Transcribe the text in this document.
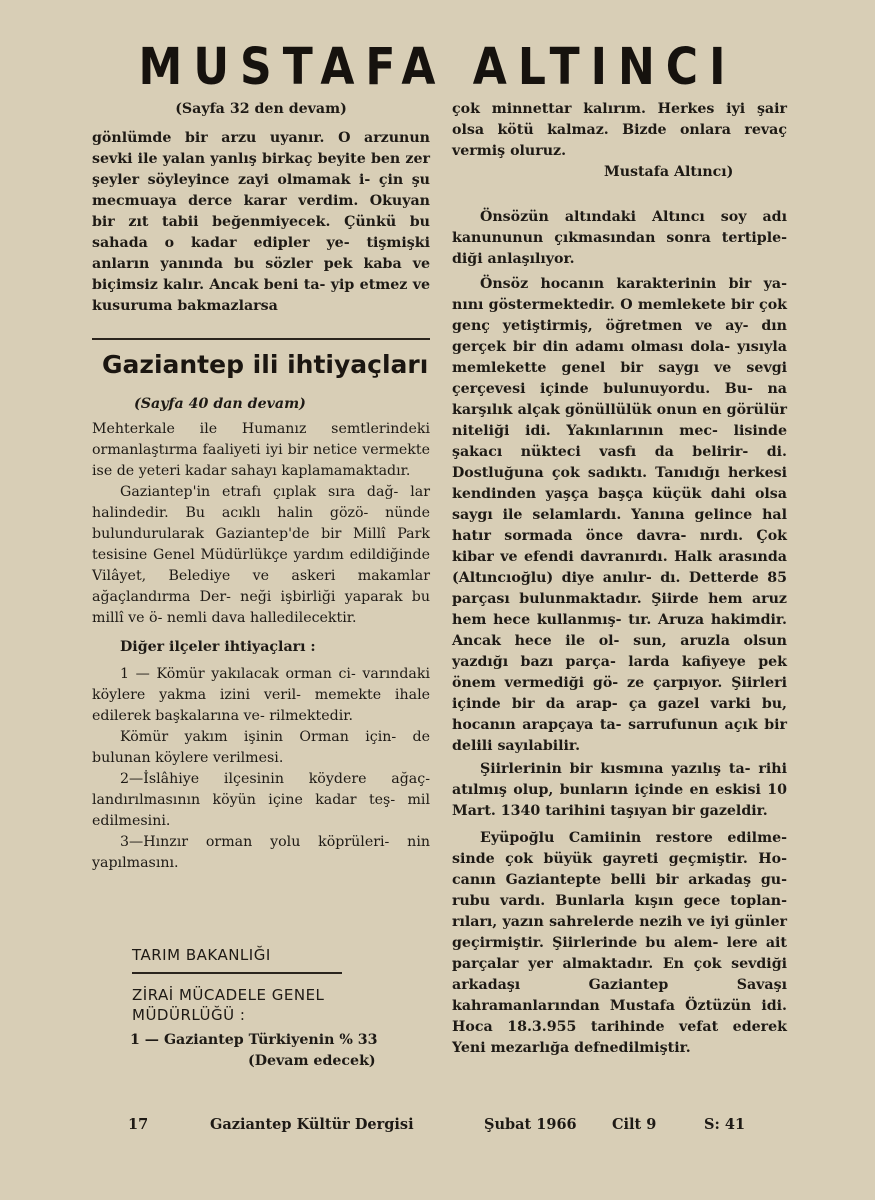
MUSTAFA ALTINCI

(Sayfa 32 den devam)

gönlümde bir arzu uyanır. O arzunun sevki ile yalan yanlış birkaç beyite ben zer şeyler söyleyince zayi olmamak i- çin şu mecmuaya derce karar verdim. Okuyan bir zıt tabii beğenmiyecek. Çünkü bu sahada o kadar edipler ye- tişmişki anların yanında bu sözler pek kaba ve biçimsiz kalır. Ancak beni ta- yip etmez ve kusuruma bakmazlarsa

Gaziantep ili ihtiyaçları

(Sayfa 40 dan devam)

Mehterkale ile Humanız semtlerindeki ormanlaştırma faaliyeti iyi bir netice vermekte ise de yeteri kadar sahayı kaplamamaktadır.

Gaziantep'in etrafı çıplak sıra dağ- lar halindedir. Bu acıklı halin gözö- nünde bulundurularak Gaziantep'de bir Millî Park tesisine Genel Müdürlükçe yardım edildiğinde Vilâyet, Belediye ve askeri makamlar ağaçlandırma Der- neği işbirliği yaparak bu millî ve ö- nemli dava halledilecektir.

Diğer ilçeler ihtiyaçları :

1 — Kömür yakılacak orman ci- varındaki köylere yakma izini veril- memekte ihale edilerek başkalarına ve- rilmektedir.

Kömür yakım işinin Orman için- de bulunan köylere verilmesi.

2—İslâhiye ilçesinin köydere ağaç- landırılmasının köyün içine kadar teş- mil edilmesini.

3—Hınzır orman yolu köprüleri- nin yapılmasını.

TARIM BAKANLIĞI
ZİRAİ MÜCADELE GENEL MÜDÜRLÜĞÜ :

1 — Gaziantep Türkiyenin % 33

(Devam edecek)

çok minnettar kalırım. Herkes iyi şair olsa kötü kalmaz. Bizde onlara revaç vermiş oluruz.

Mustafa Altıncı)

Önsözün altındaki Altıncı soy adı kanununun çıkmasından sonra tertiple- diği anlaşılıyor.

Önsöz hocanın karakterinin bir ya- nını göstermektedir. O memlekete bir çok genç yetiştirmiş, öğretmen ve ay- dın gerçek bir din adamı olması dola- yısıyla memlekette genel bir saygı ve sevgi çerçevesi içinde bulunuyordu. Bu- na karşılık alçak gönüllülük onun en görülür niteliği idi. Yakınlarının mec- lisinde şakacı nükteci vasfı da belirir- di. Dostluğuna çok sadıktı. Tanıdığı herkesi kendinden yaşça başça küçük dahi olsa saygı ile selamlardı. Yanına gelince hal hatır sormada önce davra- nırdı. Çok kibar ve efendi davranırdı. Halk arasında (Altıncıoğlu) diye anılır- dı. Detterde 85 parçası bulunmaktadır. Şiirde hem aruz hem hece kullanmış- tır. Aruza hakimdir. Ancak hece ile ol- sun, aruzla olsun yazdığı bazı parça- larda kafiyeye pek önem vermediği gö- ze çarpıyor. Şiirleri içinde bir da arap- ça gazel varki bu, hocanın arapçaya ta- sarrufunun açık bir delili sayılabilir.

Şiirlerinin bir kısmına yazılış ta- rihi atılmış olup, bunların içinde en eskisi 10 Mart. 1340 tarihini taşıyan bir gazeldir.

Eyüpoğlu Camiinin restore edilme- sinde çok büyük gayreti geçmiştir. Ho- canın Gaziantepte belli bir arkadaş gu- rubu vardı. Bunlarla kışın gece toplan- rıları, yazın sahrelerde nezih ve iyi günler geçirmiştir. Şiirlerinde bu alem- lere ait parçalar yer almaktadır. En çok sevdiği arkadaşı Gaziantep Savaşı kahramanlarından Mustafa Öztüzün idi. Hoca 18.3.955 tarihinde vefat ederek Yeni mezarlığa defnedilmiştir.

17	Gaziantep Kültür Dergisi	Şubat 1966 Cilt 9	S: 41
